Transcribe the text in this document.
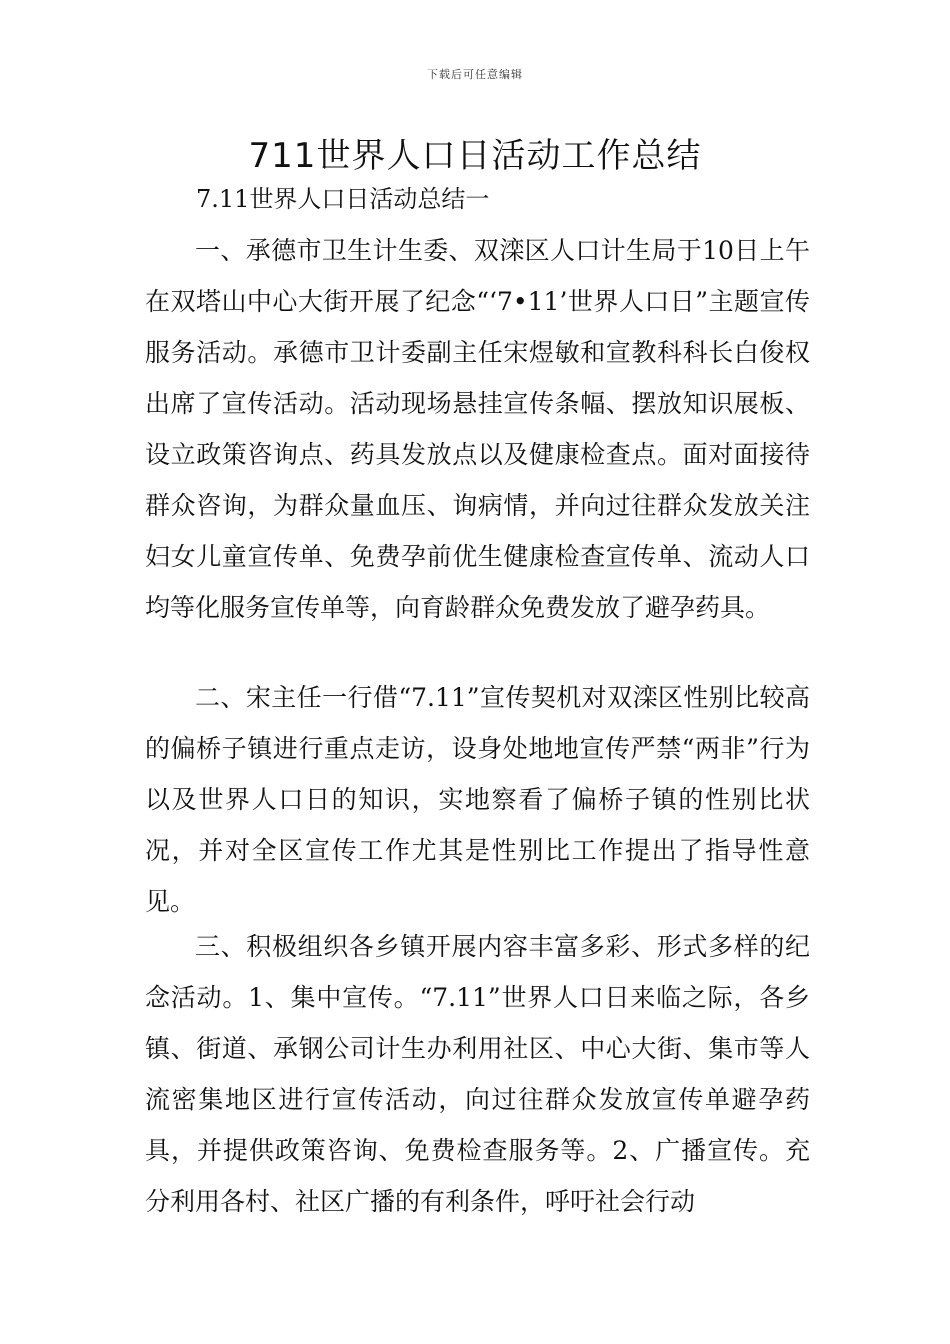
下载后可任意编辑
711世界人口日活动工作总结

7.11世界人口日活动总结一

一、承德市卫生计生委、双滦区人口计生局于10日上午在双塔山中心大街开展了纪念“‘7•11’世界人口日”主题宣传服务活动。承德市卫计委副主任宋煜敏和宣教科科长白俊权出席了宣传活动。活动现场悬挂宣传条幅、摆放知识展板、设立政策咨询点、药具发放点以及健康检查点。面对面接待群众咨询，为群众量血压、询病情，并向过往群众发放关注妇女儿童宣传单、免费孕前优生健康检查宣传单、流动人口均等化服务宣传单等，向育龄群众免费发放了避孕药具。

二、宋主任一行借“7.11”宣传契机对双滦区性别比较高的偏桥子镇进行重点走访，设身处地地宣传严禁“两非”行为以及世界人口日的知识，实地察看了偏桥子镇的性别比状况，并对全区宣传工作尤其是性别比工作提出了指导性意见。

三、积极组织各乡镇开展内容丰富多彩、形式多样的纪念活动。1、集中宣传。“7.11”世界人口日来临之际，各乡镇、街道、承钢公司计生办利用社区、中心大街、集市等人流密集地区进行宣传活动，向过往群众发放宣传单避孕药具，并提供政策咨询、免费检查服务等。2、广播宣传。充分利用各村、社区广播的有利条件，呼吁社会行动
